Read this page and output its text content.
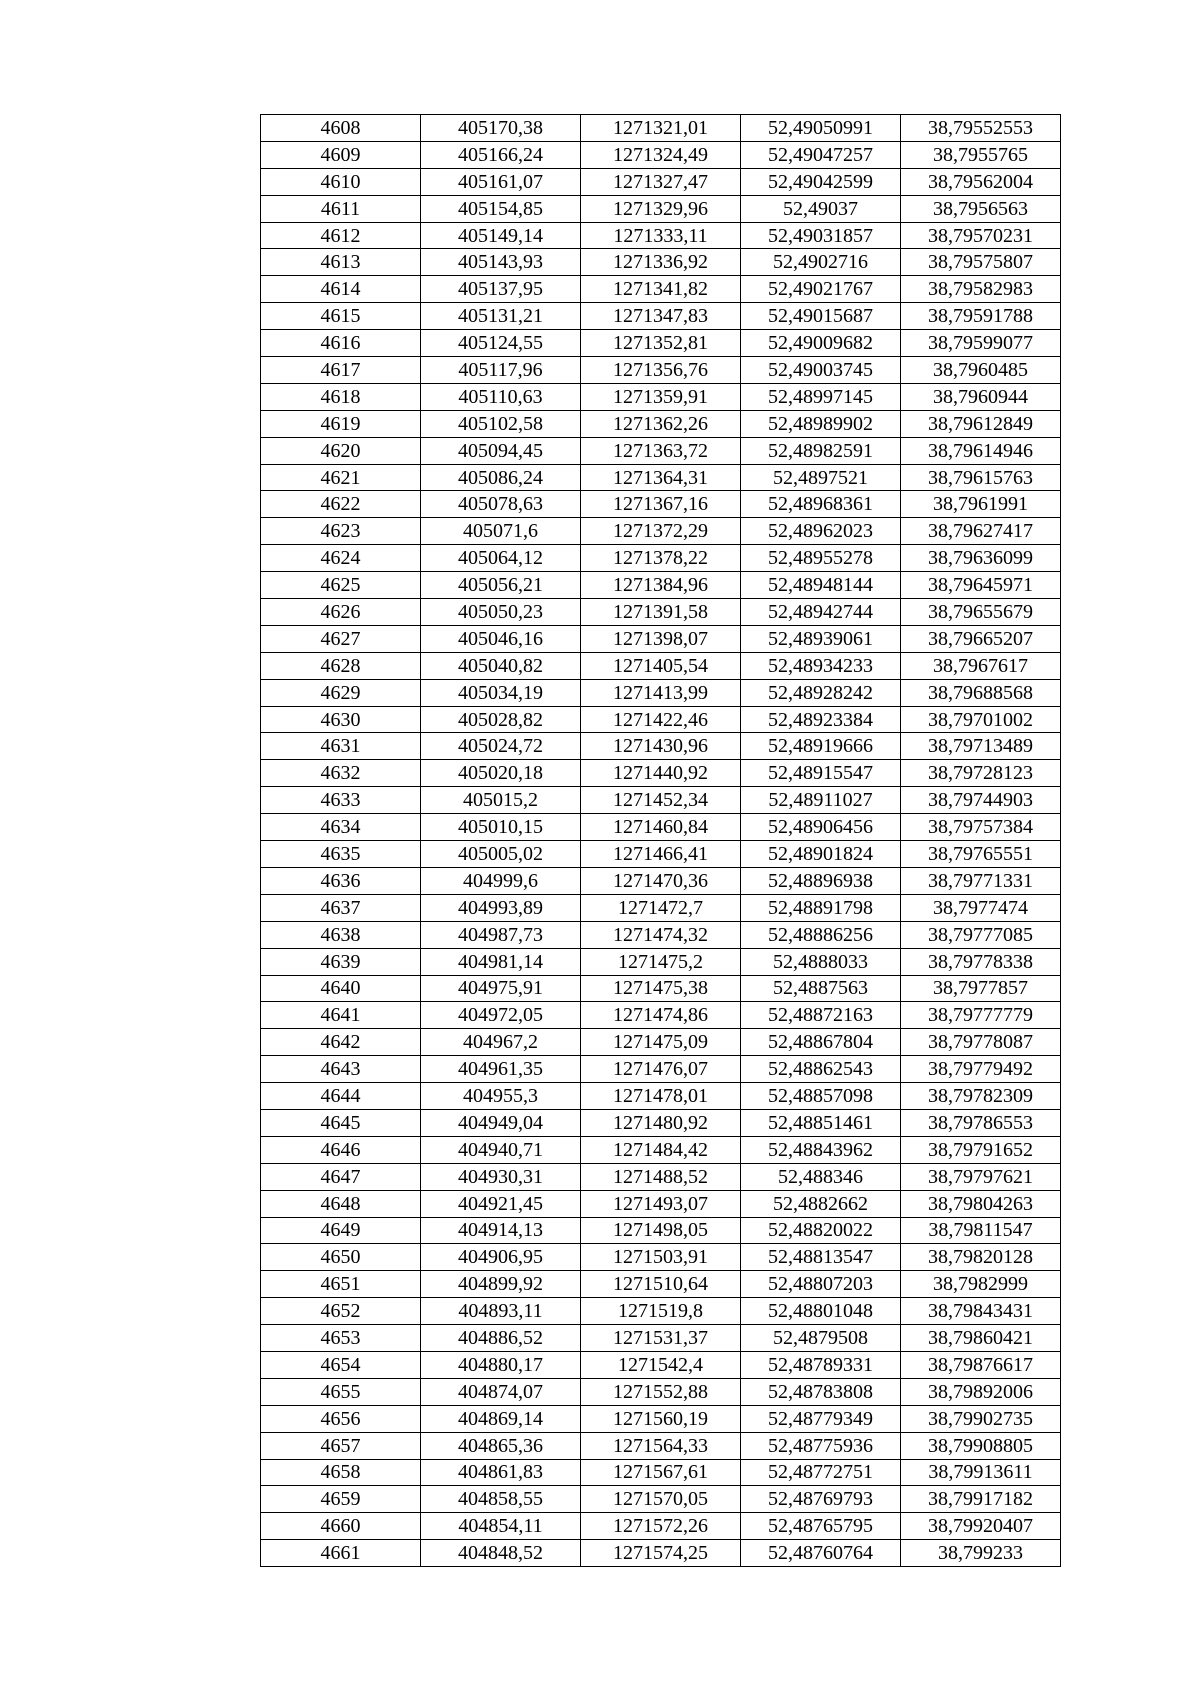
4608	405170,38	1271321,01	52,49050991	38,79552553
4609	405166,24	1271324,49	52,49047257	38,7955765
4610	405161,07	1271327,47	52,49042599	38,79562004
4611	405154,85	1271329,96	52,49037	38,7956563
4612	405149,14	1271333,11	52,49031857	38,79570231
4613	405143,93	1271336,92	52,4902716	38,79575807
4614	405137,95	1271341,82	52,49021767	38,79582983
4615	405131,21	1271347,83	52,49015687	38,79591788
4616	405124,55	1271352,81	52,49009682	38,79599077
4617	405117,96	1271356,76	52,49003745	38,7960485
4618	405110,63	1271359,91	52,48997145	38,7960944
4619	405102,58	1271362,26	52,48989902	38,79612849
4620	405094,45	1271363,72	52,48982591	38,79614946
4621	405086,24	1271364,31	52,4897521	38,79615763
4622	405078,63	1271367,16	52,48968361	38,7961991
4623	405071,6	1271372,29	52,48962023	38,79627417
4624	405064,12	1271378,22	52,48955278	38,79636099
4625	405056,21	1271384,96	52,48948144	38,79645971
4626	405050,23	1271391,58	52,48942744	38,79655679
4627	405046,16	1271398,07	52,48939061	38,79665207
4628	405040,82	1271405,54	52,48934233	38,7967617
4629	405034,19	1271413,99	52,48928242	38,79688568
4630	405028,82	1271422,46	52,48923384	38,79701002
4631	405024,72	1271430,96	52,48919666	38,79713489
4632	405020,18	1271440,92	52,48915547	38,79728123
4633	405015,2	1271452,34	52,48911027	38,79744903
4634	405010,15	1271460,84	52,48906456	38,79757384
4635	405005,02	1271466,41	52,48901824	38,79765551
4636	404999,6	1271470,36	52,48896938	38,79771331
4637	404993,89	1271472,7	52,48891798	38,7977474
4638	404987,73	1271474,32	52,48886256	38,79777085
4639	404981,14	1271475,2	52,4888033	38,79778338
4640	404975,91	1271475,38	52,4887563	38,7977857
4641	404972,05	1271474,86	52,48872163	38,79777779
4642	404967,2	1271475,09	52,48867804	38,79778087
4643	404961,35	1271476,07	52,48862543	38,79779492
4644	404955,3	1271478,01	52,48857098	38,79782309
4645	404949,04	1271480,92	52,48851461	38,79786553
4646	404940,71	1271484,42	52,48843962	38,79791652
4647	404930,31	1271488,52	52,488346	38,79797621
4648	404921,45	1271493,07	52,4882662	38,79804263
4649	404914,13	1271498,05	52,48820022	38,79811547
4650	404906,95	1271503,91	52,48813547	38,79820128
4651	404899,92	1271510,64	52,48807203	38,7982999
4652	404893,11	1271519,8	52,48801048	38,79843431
4653	404886,52	1271531,37	52,4879508	38,79860421
4654	404880,17	1271542,4	52,48789331	38,79876617
4655	404874,07	1271552,88	52,48783808	38,79892006
4656	404869,14	1271560,19	52,48779349	38,79902735
4657	404865,36	1271564,33	52,48775936	38,79908805
4658	404861,83	1271567,61	52,48772751	38,79913611
4659	404858,55	1271570,05	52,48769793	38,79917182
4660	404854,11	1271572,26	52,48765795	38,79920407
4661	404848,52	1271574,25	52,48760764	38,799233
